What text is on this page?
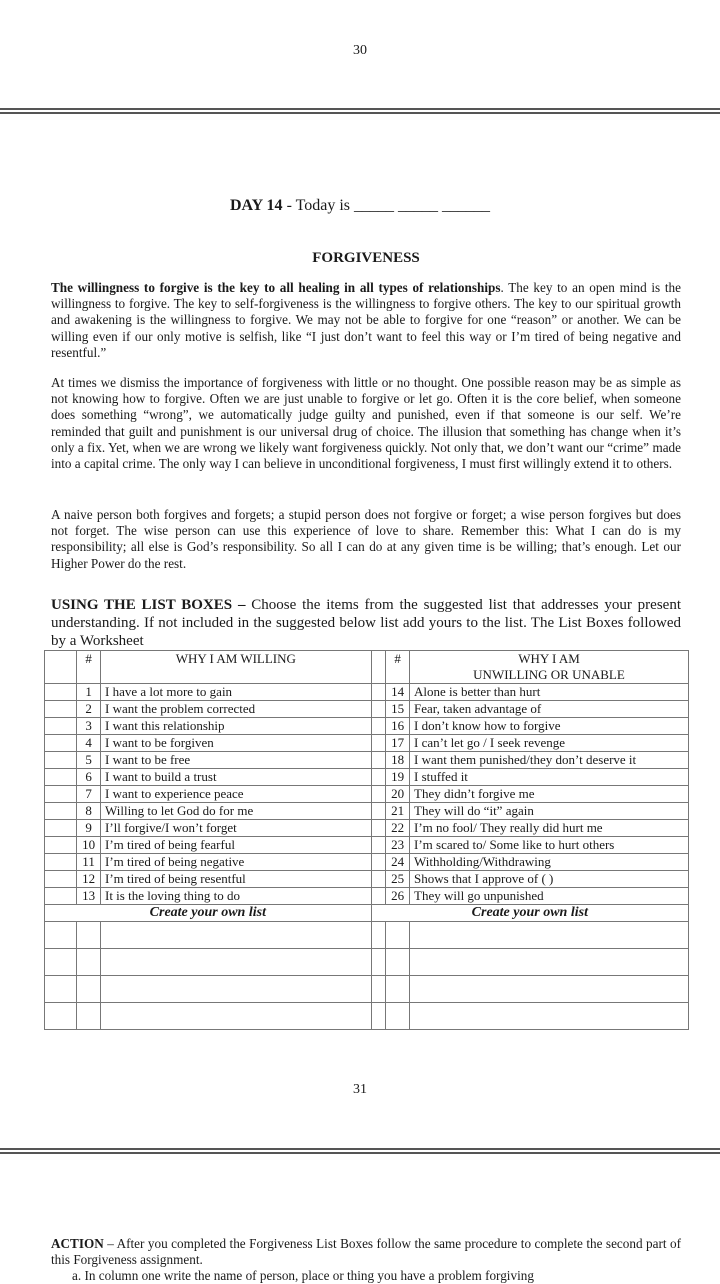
30
DAY 14 - Today is _____ _____ ______
FORGIVENESS
The willingness to forgive is the key to all healing in all types of relationships. The key to an open mind is the willingness to forgive. The key to self-forgiveness is the willingness to forgive others. The key to our spiritual growth and awakening is the willingness to forgive. We may not be able to forgive for one “reason” or another. We can be willing even if our only motive is selfish, like “I just don’t want to feel this way or I’m tired of being negative and resentful.”
At times we dismiss the importance of forgiveness with little or no thought. One possible reason may be as simple as not knowing how to forgive. Often we are just unable to forgive or let go. Often it is the core belief, when someone does something “wrong”, we automatically judge guilty and punished, even if that someone is our self. We’re reminded that guilt and punishment is our universal drug of choice. The illusion that something has change when it’s only a fix. Yet, when we are wrong we likely want forgiveness quickly. Not only that, we don’t want our “crime” made into a capital crime. The only way I can believe in unconditional forgiveness, I must first willingly extend it to others.
A naive person both forgives and forgets; a stupid person does not forgive or forget; a wise person forgives but does not forget. The wise person can use this experience of love to share. Remember this: What I can do is my responsibility; all else is God’s responsibility. So all I can do at any given time is be willing; that’s enough. Let our Higher Power do the rest.
USING THE LIST BOXES – Choose the items from the suggested list that addresses your present understanding. If not included in the suggested below list add yours to the list. The List Boxes followed by a Worksheet
	#	WHY I AM WILLING		#	WHY I AM
UNWILLING OR UNABLE
	1	I have a lot more to gain		14	Alone is better than hurt
	2	I want the problem corrected		15	Fear, taken advantage of
	3	I want this relationship		16	I don’t know how to forgive
	4	I want to be forgiven		17	I can’t let go / I seek revenge
	5	I want to be free		18	I want them punished/they don’t deserve it
	6	I want to build a trust		19	I stuffed it
	7	I want to experience peace		20	They didn’t forgive me
	8	Willing to let God do for me		21	They will do “it” again
	9	I’ll forgive/I won’t forget		22	I’m no fool/ They really did hurt me
	10	I’m tired of being fearful		23	I’m scared to/ Some like to hurt others
	11	I’m tired of being negative		24	Withholding/Withdrawing
	12	I’m tired of being resentful		25	Shows that I approve of ( )
	13	It is the loving thing to do		26	They will go unpunished
Create your own list			Create your own list		

31
ACTION – After you completed the Forgiveness List Boxes follow the same procedure to complete the second part of this Forgiveness assignment.
a. In column one write the name of person, place or thing you have a problem forgiving
